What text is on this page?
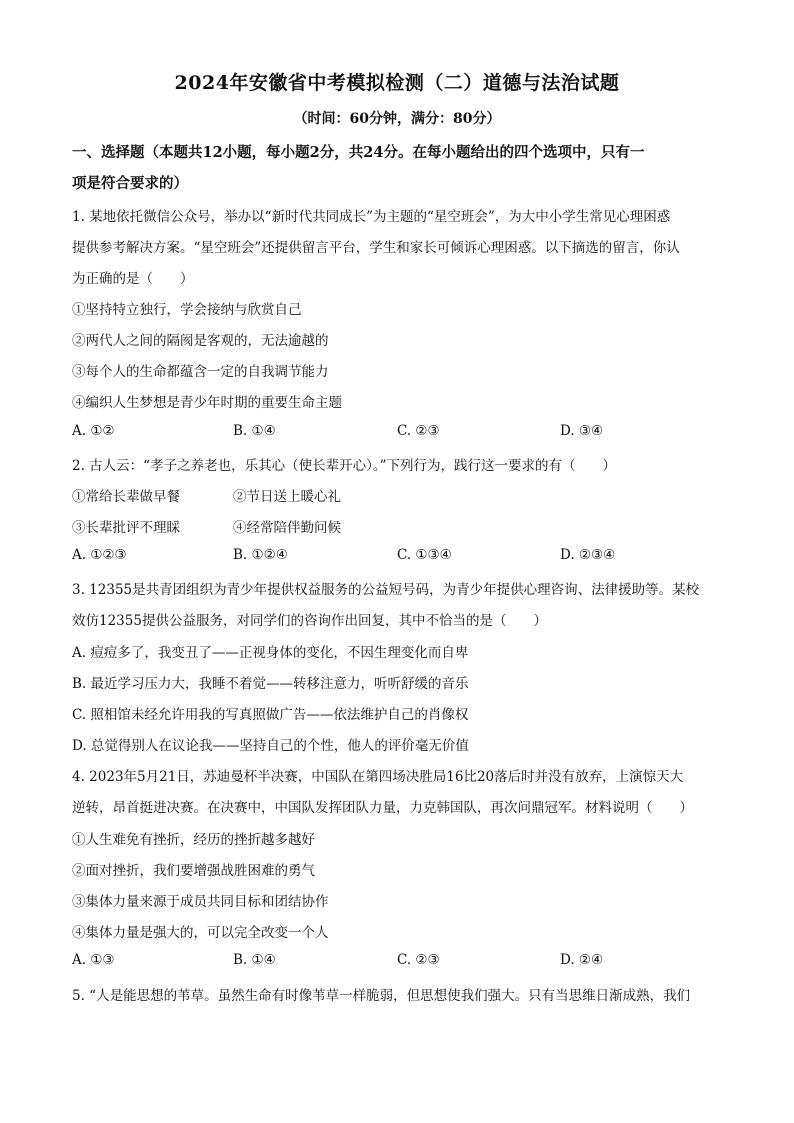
2024年安徽省中考模拟检测（二）道德与法治试题
（时间：60分钟，满分：80分）
一、选择题（本题共12小题，每小题2分，共24分。在每小题给出的四个选项中，只有一
项是符合要求的）
1. 某地依托微信公众号，举办以“新时代共同成长”为主题的“星空班会”，为大中小学生常见心理困惑
提供参考解决方案。“星空班会”还提供留言平台，学生和家长可倾诉心理困惑。以下摘选的留言，你认
为正确的是（　　）
①坚持特立独行，学会接纳与欣赏自己
②两代人之间的隔阂是客观的，无法逾越的
③每个人的生命都蕴含一定的自我调节能力
④编织人生梦想是青少年时期的重要生命主题
A. ①②	B. ①④	C. ②③	D. ③④
2. 古人云：“孝子之养老也，乐其心（使长辈开心）。”下列行为，践行这一要求的有（　　）
①常给长辈做早餐	②节日送上暖心礼
③长辈批评不理睬	④经常陪伴勤问候
A. ①②③	B. ①②④	C. ①③④	D. ②③④
3. 12355是共青团组织为青少年提供权益服务的公益短号码，为青少年提供心理咨询、法律援助等。某校
效仿12355提供公益服务，对同学们的咨询作出回复，其中不恰当的是（　　）
A. 痘痘多了，我变丑了——正视身体的变化，不因生理变化而自卑
B. 最近学习压力大，我睡不着觉——转移注意力，听听舒缓的音乐
C. 照相馆未经允许用我的写真照做广告——依法维护自己的肖像权
D. 总觉得别人在议论我——坚持自己的个性，他人的评价毫无价值
4. 2023年5月21日，苏迪曼杯半决赛，中国队在第四场决胜局16比20落后时并没有放弃，上演惊天大
逆转，昂首挺进决赛。在决赛中，中国队发挥团队力量，力克韩国队，再次问鼎冠军。材料说明（　　）
①人生难免有挫折，经历的挫折越多越好
②面对挫折，我们要增强战胜困难的勇气
③集体力量来源于成员共同目标和团结协作
④集体力量是强大的，可以完全改变一个人
A. ①③	B. ①④	C. ②③	D. ②④
5. “人是能思想的苇草。虽然生命有时像苇草一样脆弱，但思想使我们强大。只有当思维日渐成熟，我们
